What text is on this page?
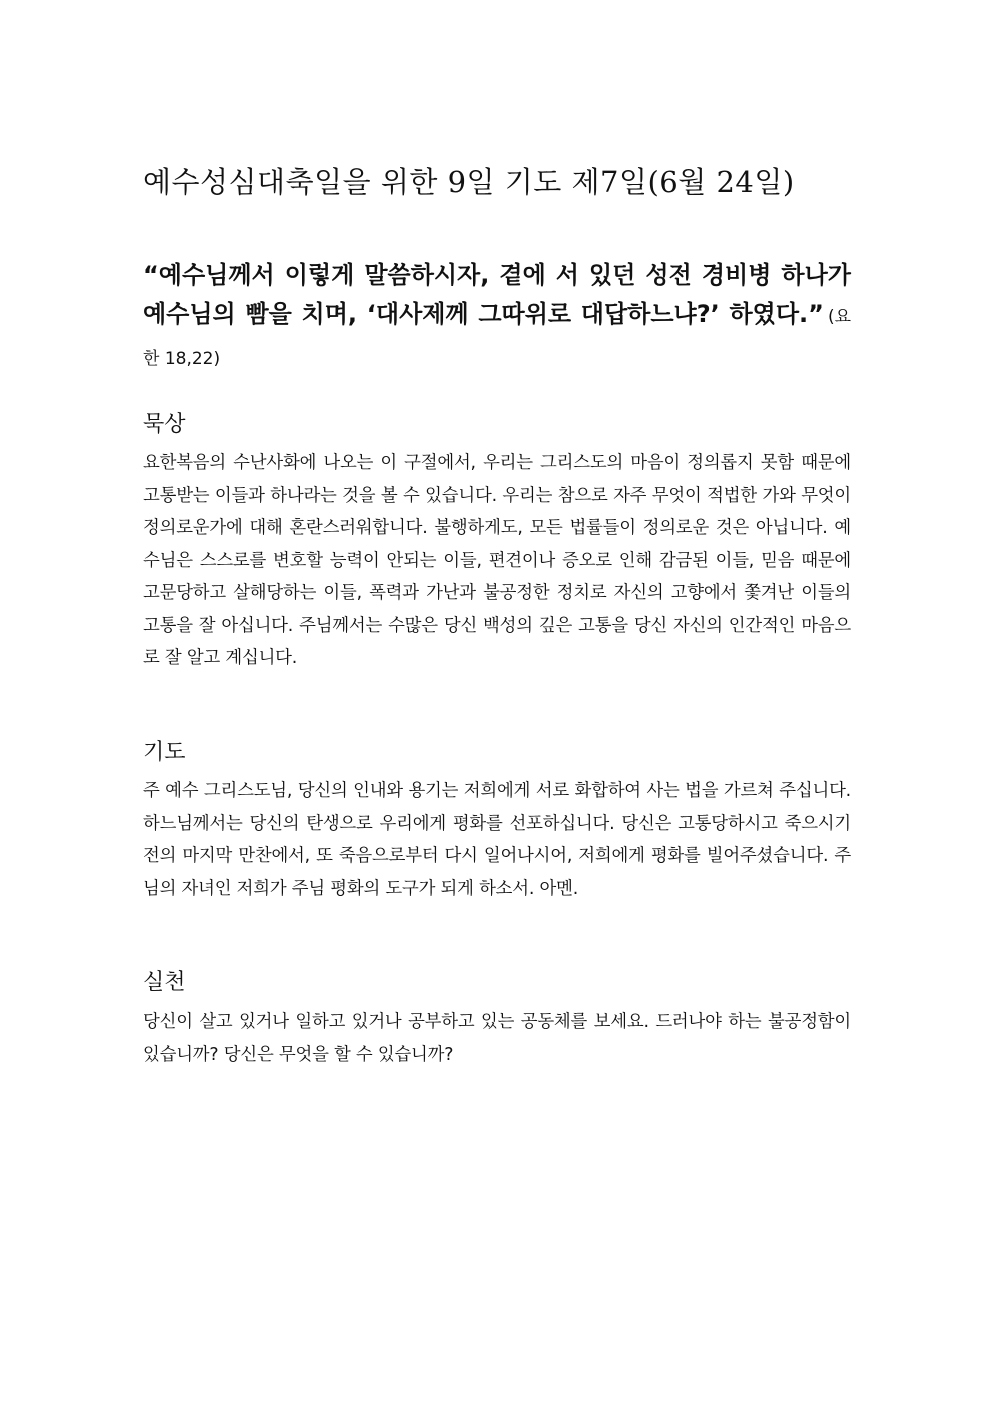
예수성심대축일을 위한 9일 기도 제7일(6월 24일)

“예수님께서 이렇게 말씀하시자, 곁에 서 있던 성전 경비병 하나가 예수님의 빰을 치며, ‘대사제께 그따위로 대답하느냐?’ 하였다.” (요한 18,22)

묵상

요한복음의 수난사화에 나오는 이 구절에서, 우리는 그리스도의 마음이 정의롭지 못함 때문에 고통받는 이들과 하나라는 것을 볼 수 있습니다. 우리는 참으로 자주 무엇이 적법한 가와 무엇이 정의로운가에 대해 혼란스러워합니다. 불행하게도, 모든 법률들이 정의로운 것은 아닙니다. 예수님은 스스로를 변호할 능력이 안되는 이들, 편견이나 증오로 인해 감금된 이들, 믿음 때문에 고문당하고 살해당하는 이들, 폭력과 가난과 불공정한 정치로 자신의 고향에서 쫓겨난 이들의 고통을 잘 아십니다. 주님께서는 수많은 당신 백성의 깊은 고통을 당신 자신의 인간적인 마음으로 잘 알고 계십니다.

기도

주 예수 그리스도님, 당신의 인내와 용기는 저희에게 서로 화합하여 사는 법을 가르쳐 주십니다. 하느님께서는 당신의 탄생으로 우리에게 평화를 선포하십니다. 당신은 고통당하시고 죽으시기 전의 마지막 만찬에서, 또 죽음으로부터 다시 일어나시어, 저희에게 평화를 빌어주셨습니다. 주님의 자녀인 저희가 주님 평화의 도구가 되게 하소서. 아멘.

실천

당신이 살고 있거나 일하고 있거나 공부하고 있는 공동체를 보세요. 드러나야 하는 불공정함이 있습니까? 당신은 무엇을 할 수 있습니까?
